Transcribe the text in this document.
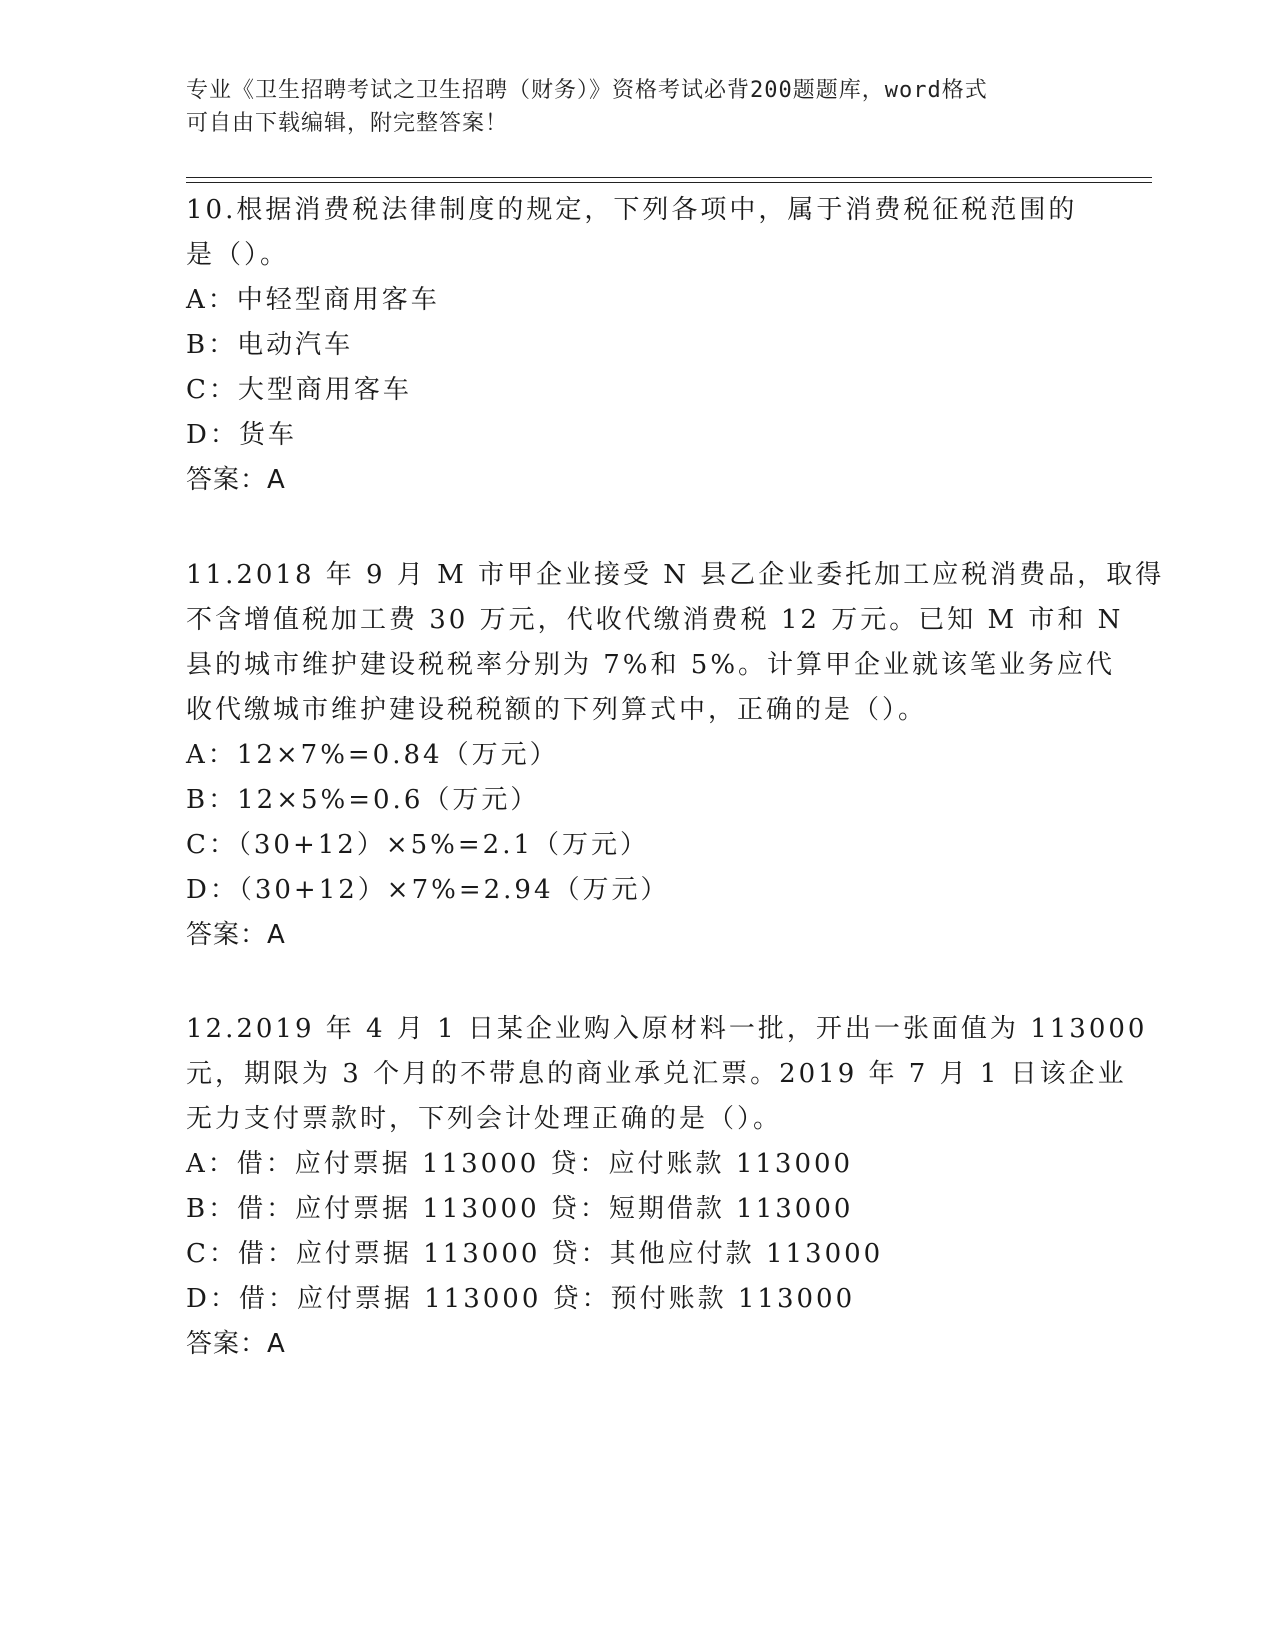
专业《卫生招聘考试之卫生招聘（财务）》资格考试必背200题题库，word格式
可自由下载编辑，附完整答案！
10.根据消费税法律制度的规定，下列各项中，属于消费税征税范围的
是（）。
A：中轻型商用客车
B：电动汽车
C：大型商用客车
D：货车
答案：A
11.2018 年 9 月 M 市甲企业接受 N 县乙企业委托加工应税消费品，取得
不含增值税加工费 30 万元，代收代缴消费税 12 万元。已知 M 市和 N
县的城市维护建设税税率分别为 7%和 5%。计算甲企业就该笔业务应代
收代缴城市维护建设税税额的下列算式中，正确的是（）。
A：12×7%=0.84（万元）
B：12×5%=0.6（万元）
C：（30+12）×5%=2.1（万元）
D：（30+12）×7%=2.94（万元）
答案：A
12.2019 年 4 月 1 日某企业购入原材料一批，开出一张面值为 113000
元，期限为 3 个月的不带息的商业承兑汇票。2019 年 7 月 1 日该企业
无力支付票款时，下列会计处理正确的是（）。
A：借：应付票据 113000 贷：应付账款 113000
B：借：应付票据 113000 贷：短期借款 113000
C：借：应付票据 113000 贷：其他应付款 113000
D：借：应付票据 113000 贷：预付账款 113000
答案：A
